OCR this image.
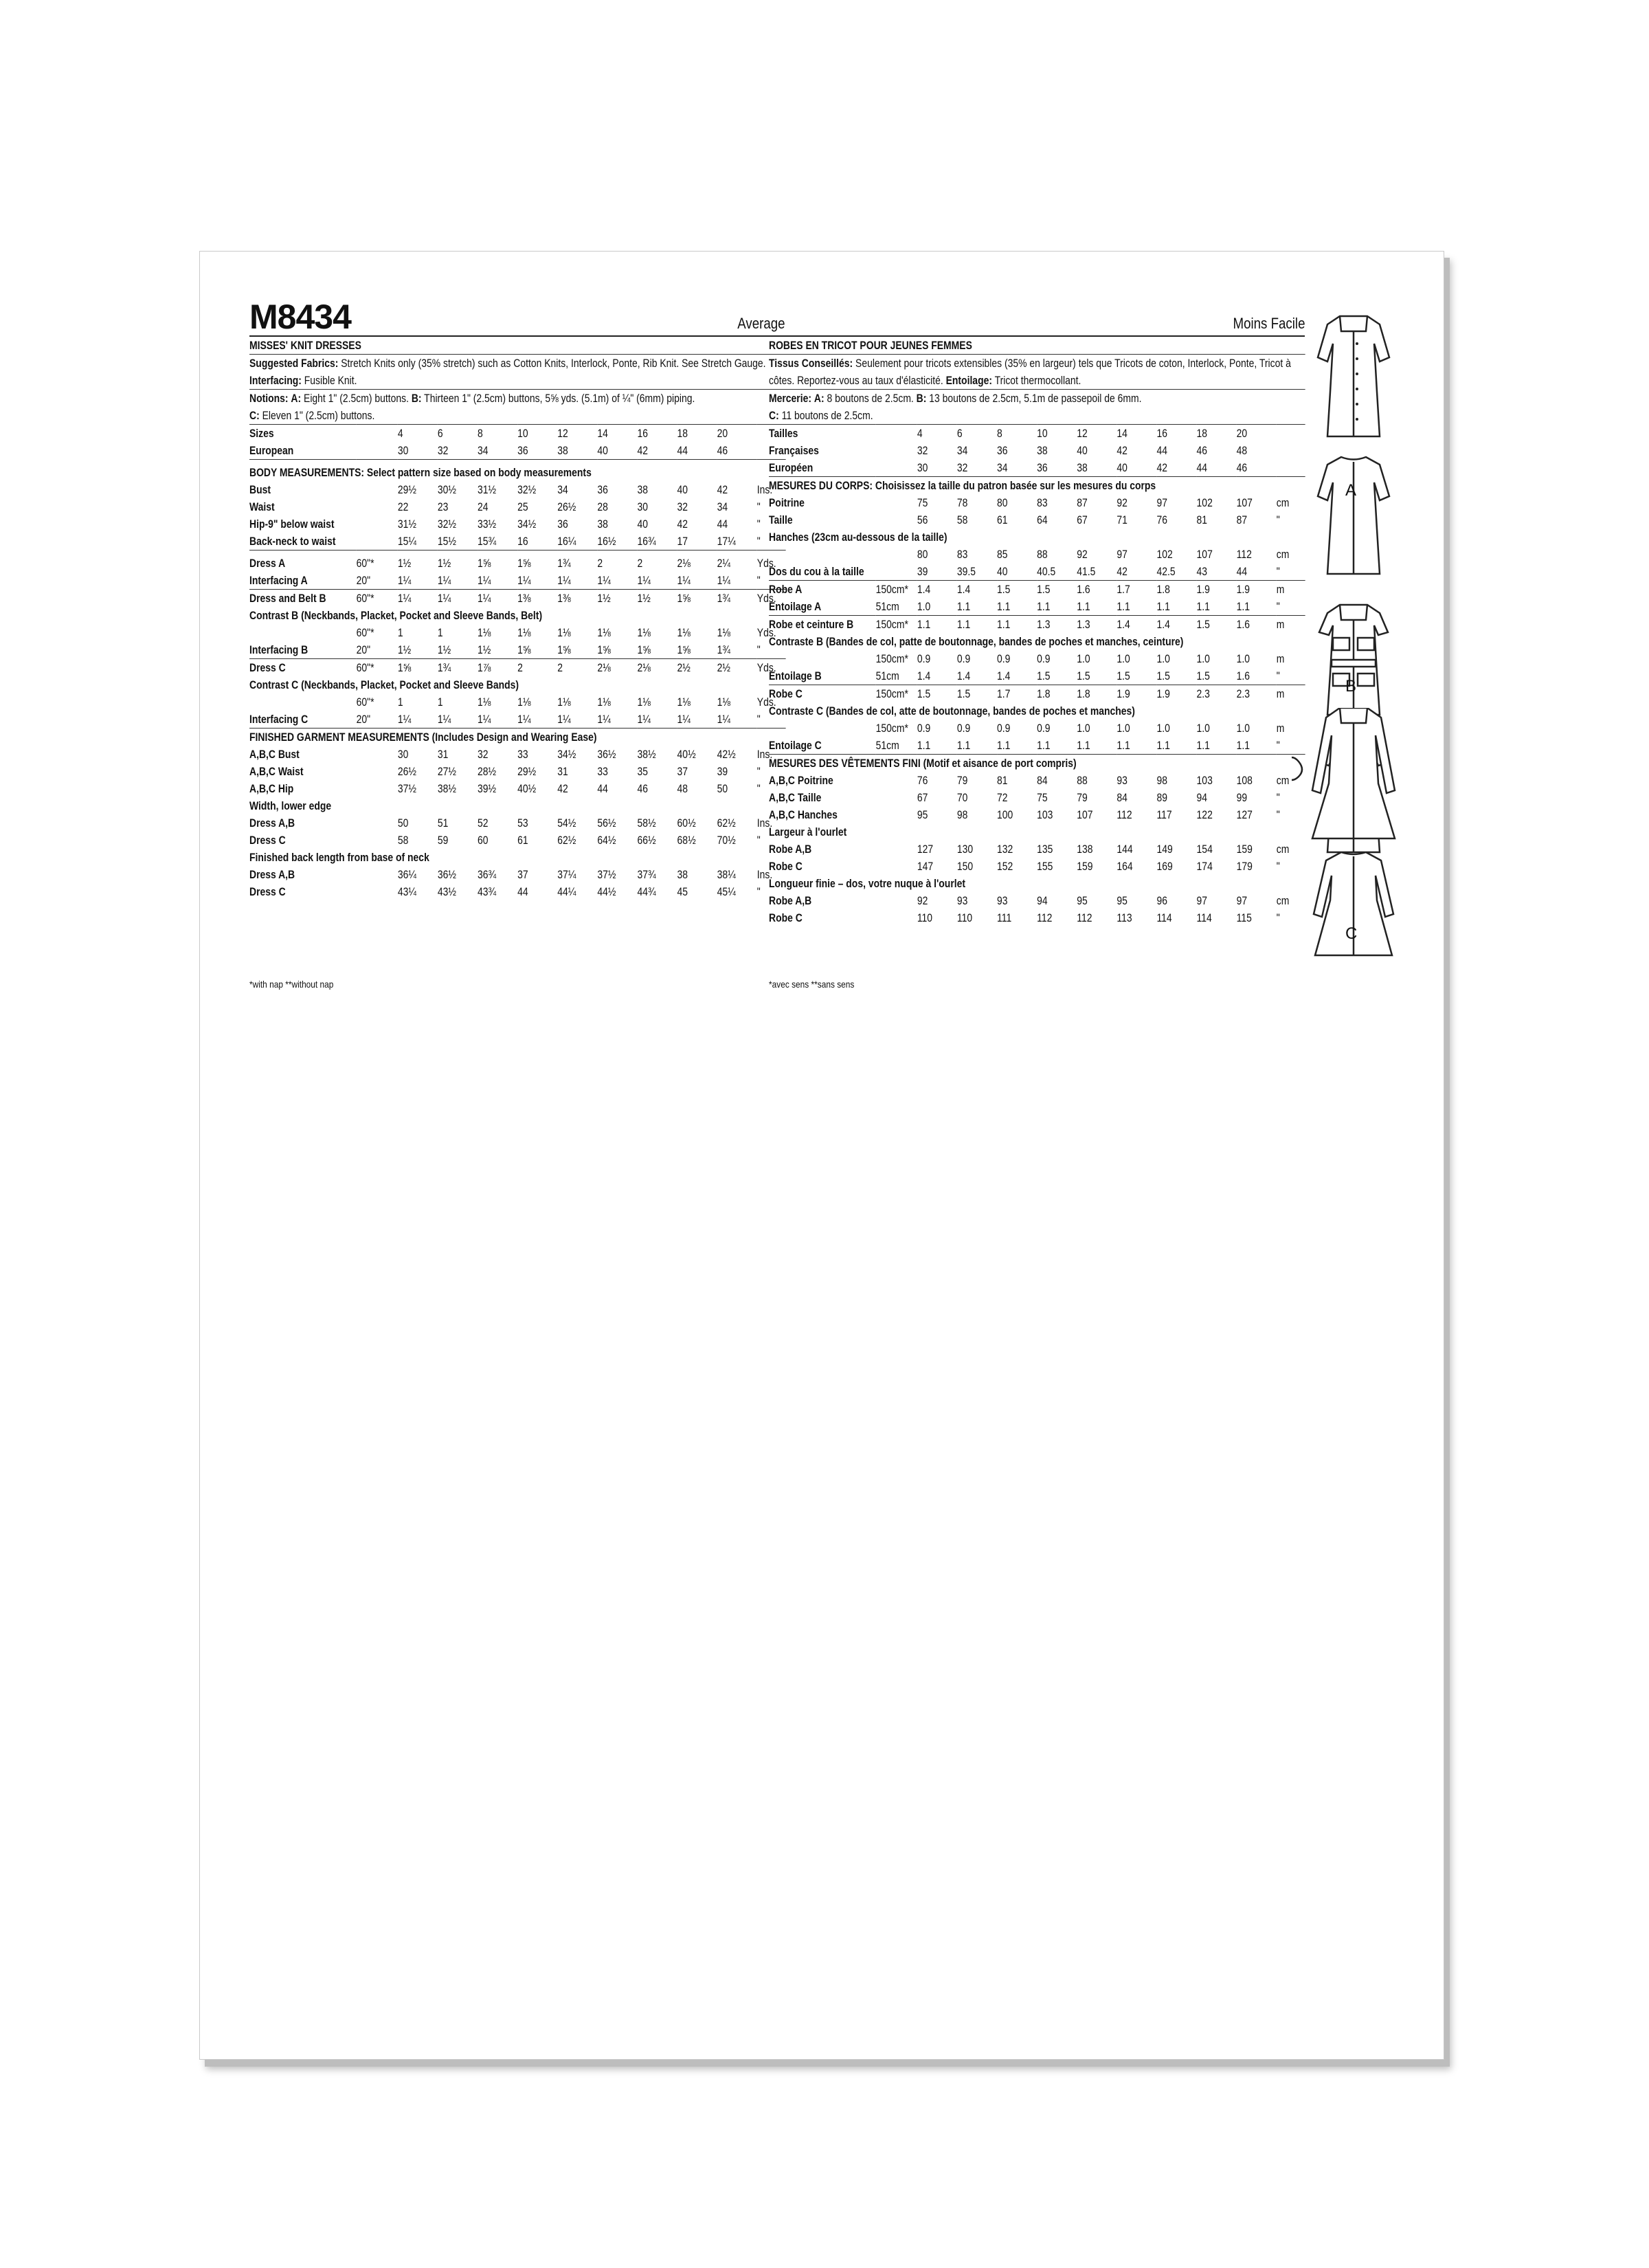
M8434	Average
MISSES' KNIT DRESSES
Suggested Fabrics: Stretch Knits only (35% stretch) such as Cotton Knits, Interlock, Ponte, Rib Knit. See Stretch Gauge. Interfacing: Fusible Knit.
Notions: A: Eight 1" (2.5cm) buttons. B: Thirteen 1" (2.5cm) buttons, 5⅝ yds. (5.1m) of ¼" (6mm) piping.
C: Eleven 1" (2.5cm) buttons.
Sizes		4	6	8	10	12	14	16	18	20	
European		30	32	34	36	38	40	42	44	46	
BODY MEASUREMENTS: Select pattern size based on body measurements											
Bust		29½	30½	31½	32½	34	36	38	40	42	Ins.
Waist		22	23	24	25	26½	28	30	32	34	"
Hip-9" below waist		31½	32½	33½	34½	36	38	40	42	44	"
Back-neck to waist		15¼	15½	15¾	16	16¼	16½	16¾	17	17¼	"
Dress A	60"*	1½	1½	1⅝	1⅝	1¾	2	2	2⅛	2¼	Yds.
Interfacing A	20"	1¼	1¼	1¼	1¼	1¼	1¼	1¼	1¼	1¼	"
Dress and Belt B	60"*	1¼	1¼	1¼	1⅜	1⅜	1½	1½	1⅝	1¾	Yds.
Contrast B (Neckbands, Placket, Pocket and Sleeve Bands, Belt)											
	60"*	1	1	1⅛	1⅛	1⅛	1⅛	1⅛	1⅛	1⅛	Yds.
Interfacing B	20"	1½	1½	1½	1⅝	1⅝	1⅝	1⅝	1⅝	1¾	"
Dress C	60"*	1⅝	1¾	1⅞	2	2	2⅛	2⅛	2½	2½	Yds.
Contrast C (Neckbands, Placket, Pocket and Sleeve Bands)											
	60"*	1	1	1⅛	1⅛	1⅛	1⅛	1⅛	1⅛	1⅛	Yds.
Interfacing C	20"	1¼	1¼	1¼	1¼	1¼	1¼	1¼	1¼	1¼	"
FINISHED GARMENT MEASUREMENTS (Includes Design and Wearing Ease)											
A,B,C Bust		30	31	32	33	34½	36½	38½	40½	42½	Ins.
A,B,C Waist		26½	27½	28½	29½	31	33	35	37	39	"
A,B,C Hip		37½	38½	39½	40½	42	44	46	48	50	"
Width, lower edge											
Dress A,B		50	51	52	53	54½	56½	58½	60½	62½	Ins.
Dress C		58	59	60	61	62½	64½	66½	68½	70½	"
Finished back length from base of neck											
Dress A,B		36¼	36½	36¾	37	37¼	37½	37¾	38	38¼	Ins.
Dress C		43¼	43½	43¾	44	44¼	44½	44¾	45	45¼	"
Moins Facile
ROBES EN TRICOT POUR JEUNES FEMMES
Tissus Conseillés: Seulement pour tricots extensibles (35% en largeur) tels que Tricots de coton, Interlock, Ponte, Tricot à côtes. Reportez-vous au taux d'élasticité. Entoilage: Tricot thermocollant.
Mercerie: A: 8 boutons de 2.5cm. B: 13 boutons de 2.5cm, 5.1m de passepoil de 6mm.
C: 11 boutons de 2.5cm.
Tailles		4	6	8	10	12	14	16	18	20	
Françaises		32	34	36	38	40	42	44	46	48	
Européen		30	32	34	36	38	40	42	44	46	
MESURES DU CORPS: Choisissez la taille du patron basée sur les mesures du corps											
Poitrine		75	78	80	83	87	92	97	102	107	cm
Taille		56	58	61	64	67	71	76	81	87	"
Hanches (23cm au-dessous de la taille)											
		80	83	85	88	92	97	102	107	112	cm
Dos du cou à la taille		39	39.5	40	40.5	41.5	42	42.5	43	44	"
Robe A	150cm*	1.4	1.4	1.5	1.5	1.6	1.7	1.8	1.9	1.9	m
Entoilage A	51cm	1.0	1.1	1.1	1.1	1.1	1.1	1.1	1.1	1.1	"
Robe et ceinture B	150cm*	1.1	1.1	1.1	1.3	1.3	1.4	1.4	1.5	1.6	m
Contraste B (Bandes de col, patte de boutonnage, bandes de poches et manches, ceinture)											
	150cm*	0.9	0.9	0.9	0.9	1.0	1.0	1.0	1.0	1.0	m
Entoilage B	51cm	1.4	1.4	1.4	1.5	1.5	1.5	1.5	1.5	1.6	"
Robe C	150cm*	1.5	1.5	1.7	1.8	1.8	1.9	1.9	2.3	2.3	m
Contraste C (Bandes de col, atte de boutonnage, bandes de poches et manches)											
	150cm*	0.9	0.9	0.9	0.9	1.0	1.0	1.0	1.0	1.0	m
Entoilage C	51cm	1.1	1.1	1.1	1.1	1.1	1.1	1.1	1.1	1.1	"
MESURES DES VÊTEMENTS FINI (Motif et aisance de port compris)											
A,B,C Poitrine		76	79	81	84	88	93	98	103	108	cm
A,B,C Taille		67	70	72	75	79	84	89	94	99	"
A,B,C Hanches		95	98	100	103	107	112	117	122	127	"
Largeur à l'ourlet											
Robe A,B		127	130	132	135	138	144	149	154	159	cm
Robe C		147	150	152	155	159	164	169	174	179	"
Longueur finie – dos, votre nuque à l'ourlet											
Robe A,B		92	93	93	94	95	95	96	97	97	cm
Robe C		110	110	111	112	112	113	114	114	115	"
*with nap **without nap	*avec sens **sans sens
A
B
C
